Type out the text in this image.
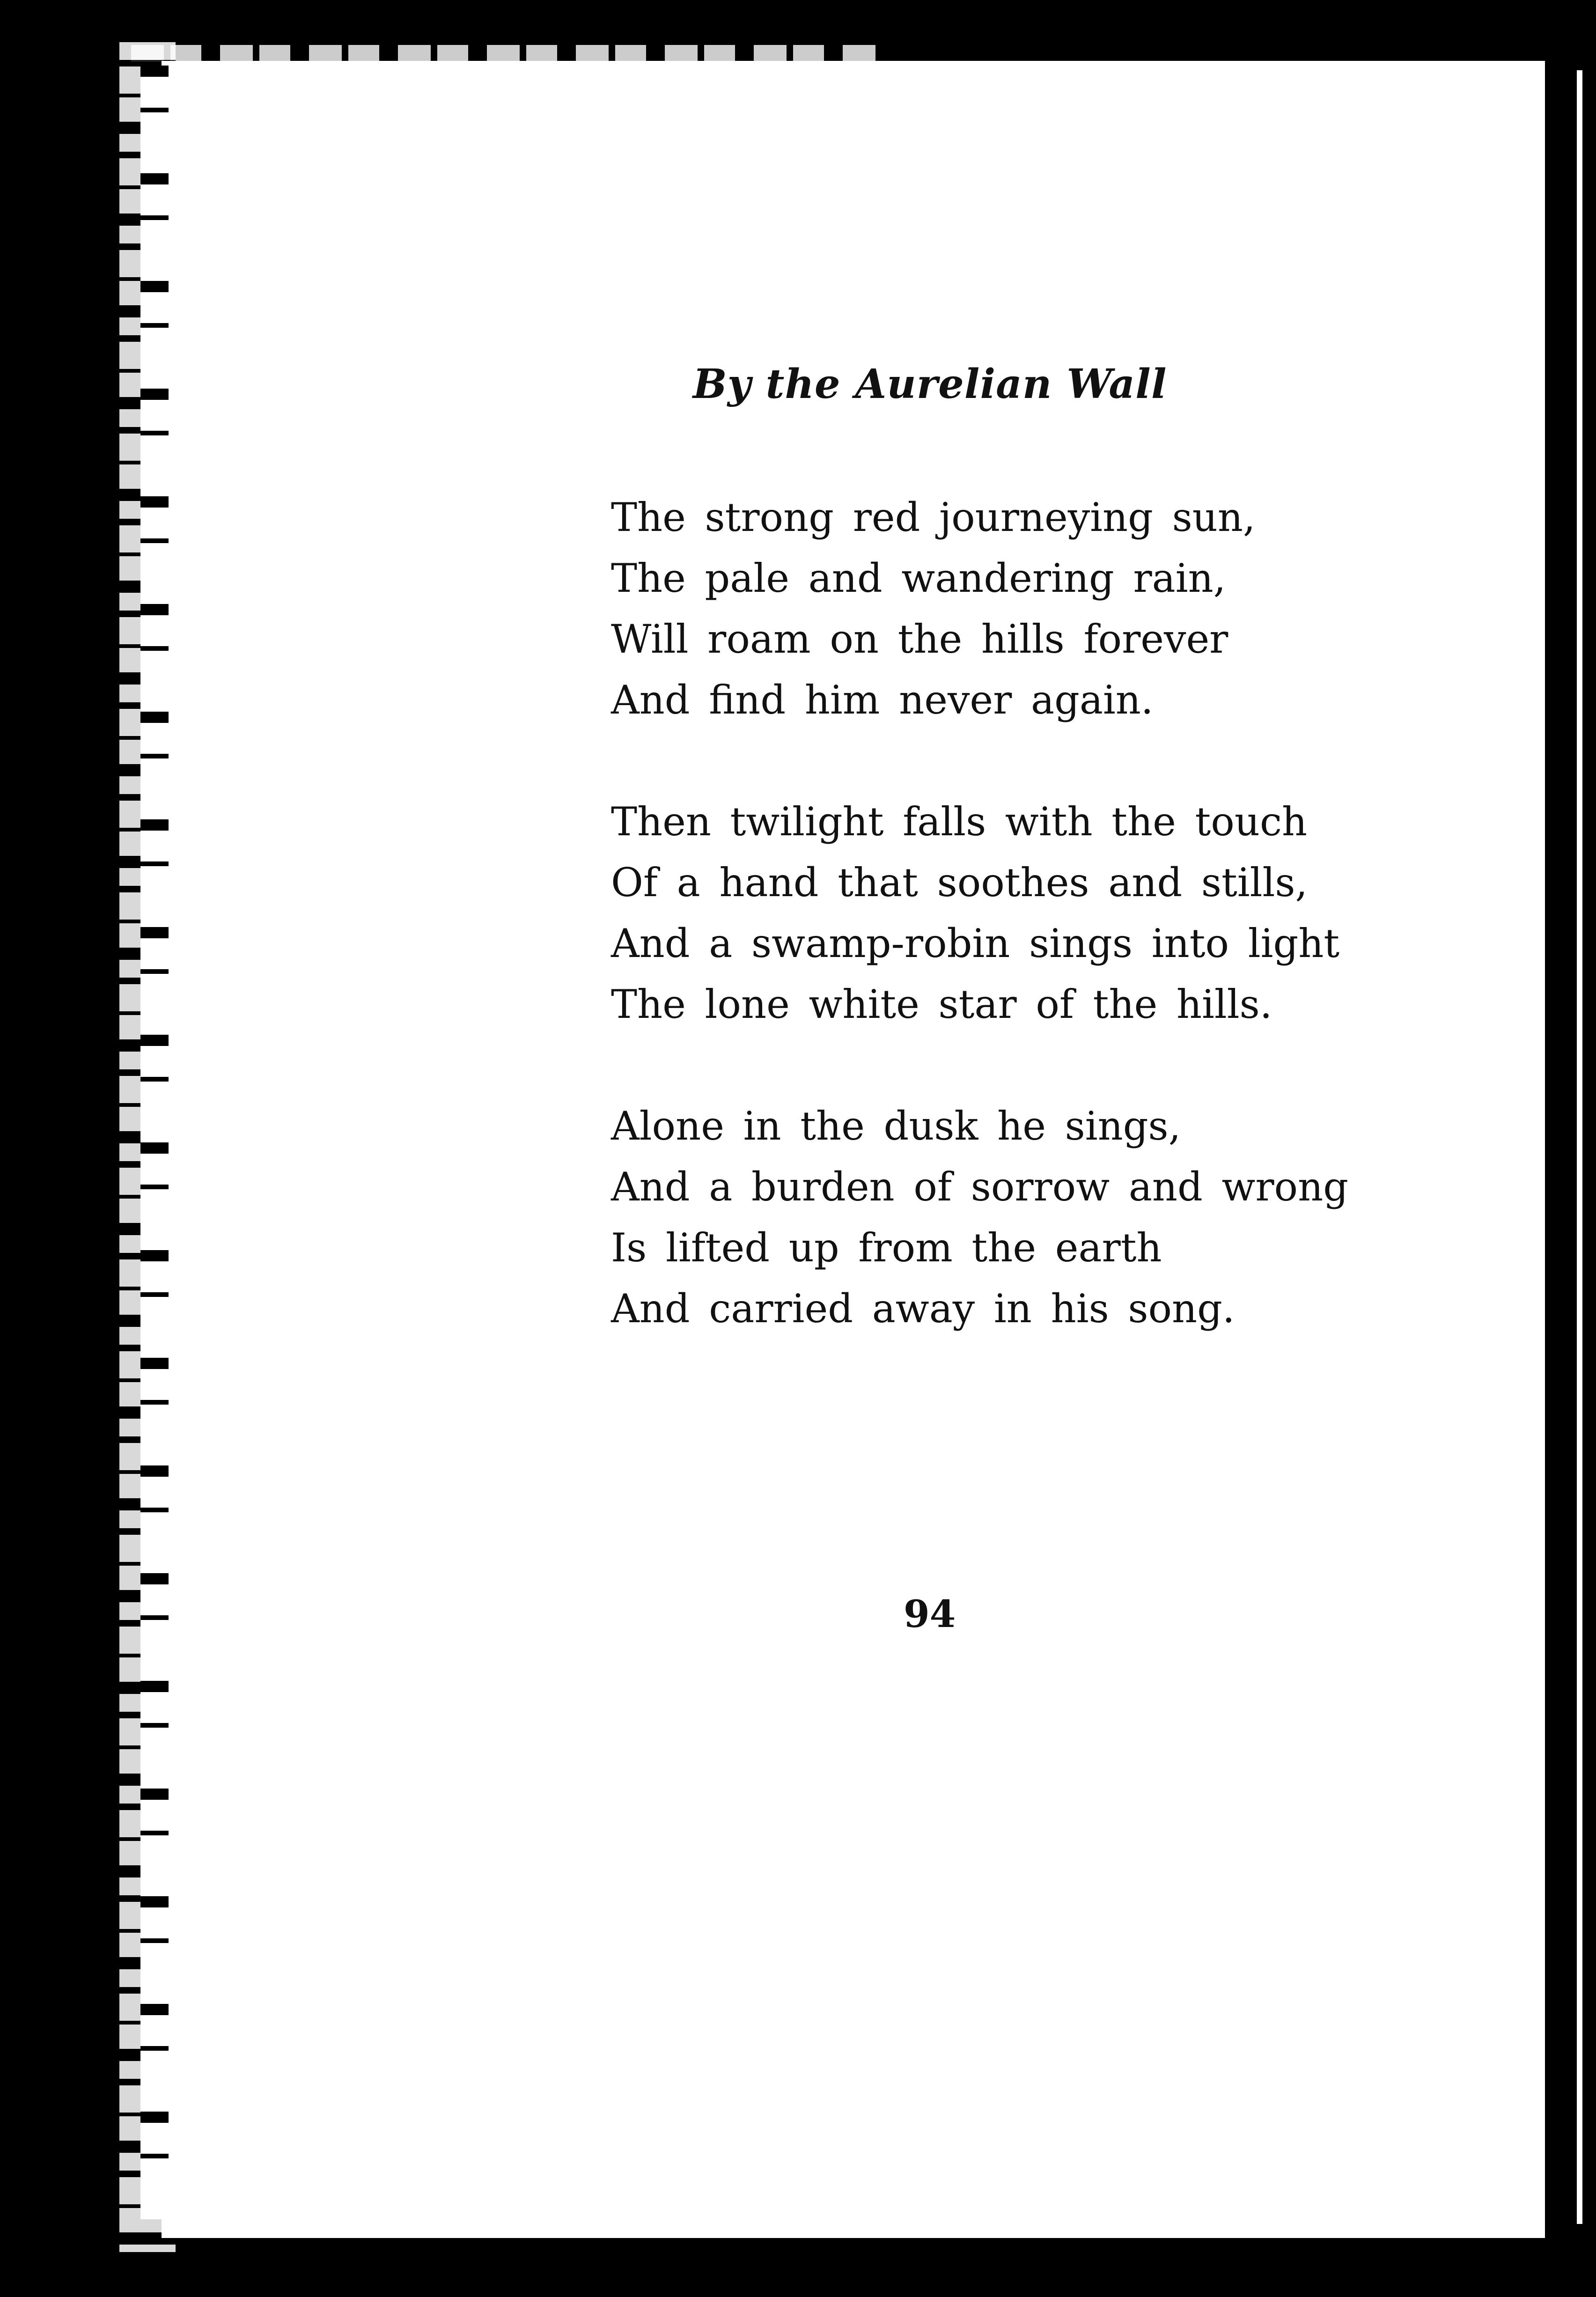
By the Aurelian Wall
The strong red journeying sun,
The pale and wandering rain,
Will roam on the hills forever
And find him never again.
Then twilight falls with the touch
Of a hand that soothes and stills,
And a swamp-robin sings into light
The lone white star of the hills.
Alone in the dusk he sings,
And a burden of sorrow and wrong
Is lifted up from the earth
And carried away in his song.
94
